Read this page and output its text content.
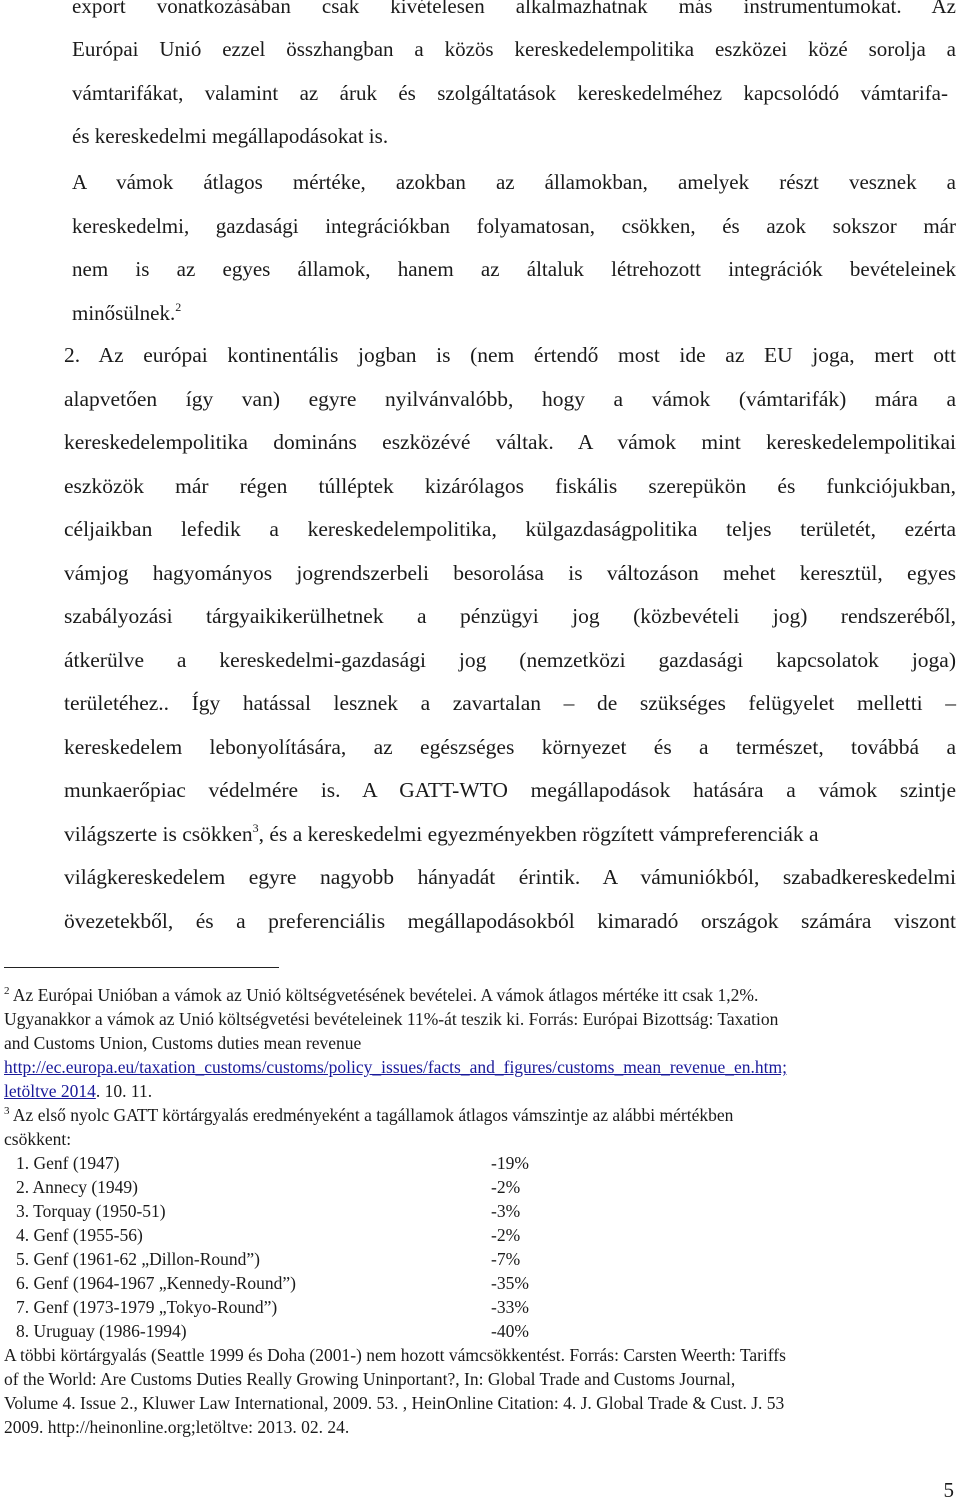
export vonatkozásában csak kivételesen alkalmazhatnak más instrumentumokat. Az
Európai Unió ezzel összhangban a közös kereskedelempolitika eszközei közé sorolja a
vámtarifákat, valamint az áruk és szolgáltatások kereskedelméhez kapcsolódó vámtarifa-
és kereskedelmi megállapodásokat is.
A vámok átlagos mértéke, azokban az államokban, amelyek részt vesznek a
kereskedelmi, gazdasági integrációkban folyamatosan, csökken, és azok sokszor már
nem is az egyes államok, hanem az általuk létrehozott integrációk bevételeinek
minősülnek.$^2$
2. Az európai kontinentális jogban is (nem értendő most ide az EU joga, mert ott
alapvetően így van) egyre nyilvánvalóbb, hogy a vámok (vámtarifák) mára a
kereskedelempolitika domináns eszközévé váltak. A vámok mint kereskedelempolitikai
eszközök már régen túlléptek kizárólagos fiskális szerepükön és funkciójukban,
céljaikban lefedik a kereskedelempolitika, külgazdaságpolitika teljes területét, ezérta
vámjog hagyományos jogrendszerbeli besorolása is változáson mehet keresztül, egyes
szabályozási tárgyaikikerülhetnek a pénzügyi jog (közbevételi jog) rendszeréből,
átkerülve a kereskedelmi-gazdasági jog (nemzetközi gazdasági kapcsolatok joga)
területéhez.. Így hatással lesznek a zavartalan – de szükséges felügyelet melletti –
kereskedelem lebonyolítására, az egészséges környezet és a természet, továbbá a
munkaerőpiac védelmére is. A GATT-WTO megállapodások hatására a vámok szintje
világszerte is csökken$^3$, és a kereskedelmi egyezményekben rögzített vámpreferenciák a
világkereskedelem egyre nagyobb hányadát érintik. A vámuniókból, szabadkereskedelmi
övezetekből, és a preferenciális megállapodásokból kimaradó országok számára viszont
$^2$ Az Európai Unióban a vámok az Unió költségvetésének bevételei. A vámok átlagos mértéke itt csak 1,2%.
Ugyanakkor a vámok az Unió költségvetési bevételeinek 11%-át teszik ki. Forrás: Európai Bizottság: Taxation
and Customs Union, Customs duties mean revenue
http://ec.europa.eu/taxation_customs/customs/policy_issues/facts_and_figures/customs_mean_revenue_en.htm;
letöltve 2014. 10. 11.
$^3$ Az első nyolc GATT körtárgyalás eredményeként a tagállamok átlagos vámszintje az alábbi mértékben
csökkent:
1. Genf (1947)	-19%
2. Annecy (1949)	-2%
3. Torquay (1950-51)	-3%
4. Genf (1955-56)	-2%
5. Genf (1961-62 „Dillon-Round”)	-7%
6. Genf (1964-1967 „Kennedy-Round”)	-35%
7. Genf (1973-1979 „Tokyo-Round”)	-33%
8. Uruguay (1986-1994)	-40%
A többi körtárgyalás (Seattle 1999 és Doha (2001-) nem hozott vámcsökkentést. Forrás: Carsten Weerth: Tariffs
of the World: Are Customs Duties Really Growing Uninportant?, In: Global Trade and Customs Journal,
Volume 4. Issue 2., Kluwer Law International, 2009. 53. , HeinOnline Citation: 4. J. Global Trade & Cust. J. 53
2009. http://heinonline.org;letöltve: 2013. 02. 24.
5
